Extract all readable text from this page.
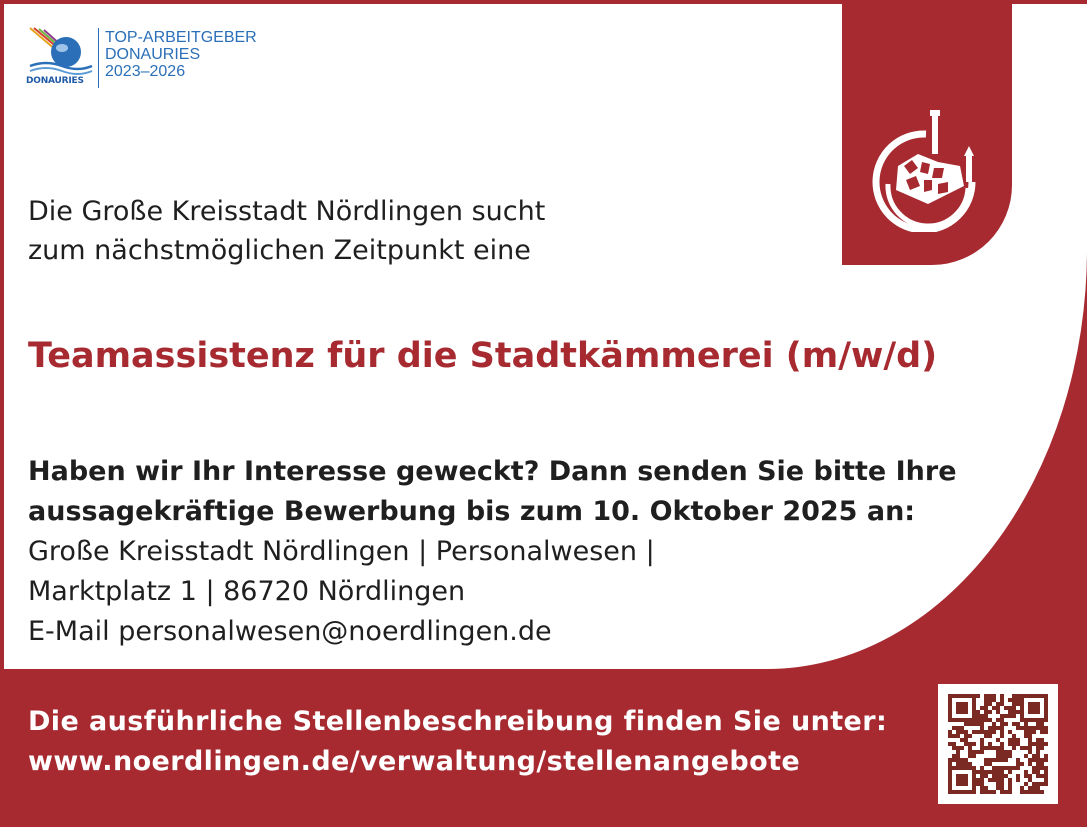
DONAURIES
TOP-ARBEITGEBER
DONAURIES
2023–2026
Die Große Kreisstadt Nördlingen sucht
zum nächstmöglichen Zeitpunkt eine
Teamassistenz für die Stadtkämmerei (m/w/d)
Haben wir Ihr Interesse geweckt? Dann senden Sie bitte Ihre
aussagekräftige Bewerbung bis zum 10. Oktober 2025 an:
Große Kreisstadt Nördlingen | Personalwesen |
Marktplatz 1 | 86720 Nördlingen
E-Mail personalwesen@noerdlingen.de
Die ausführliche Stellenbeschreibung finden Sie unter:
www.noerdlingen.de/verwaltung/stellenangebote
